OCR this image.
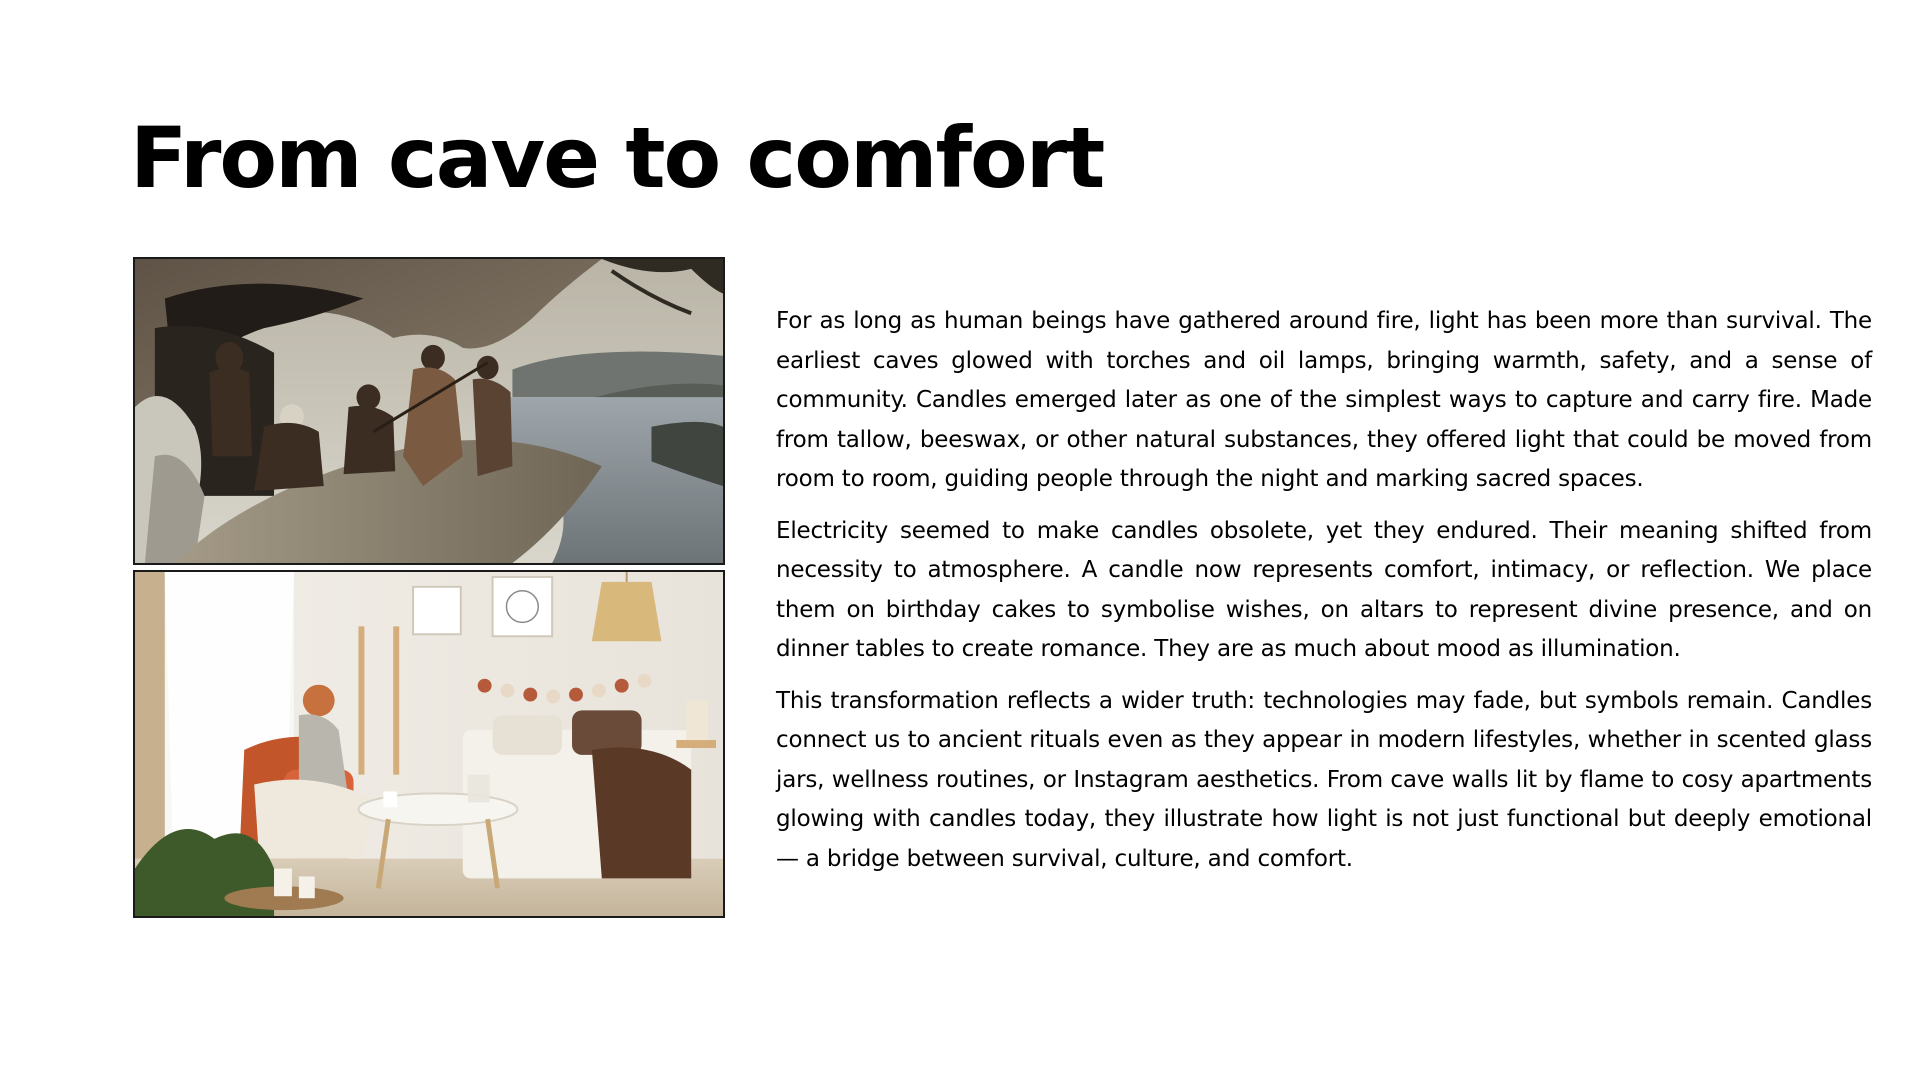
From cave to comfort

For as long as human beings have gathered around fire, light has been more than survival. The earliest caves glowed with torches and oil lamps, bringing warmth, safety, and a sense of community. Candles emerged later as one of the simplest ways to capture and carry fire. Made from tallow, beeswax, or other natural substances, they offered light that could be moved from room to room, guiding people through the night and marking sacred spaces.

Electricity seemed to make candles obsolete, yet they endured. Their meaning shifted from necessity to atmosphere. A candle now represents comfort, intimacy, or reflection. We place them on birthday cakes to symbolise wishes, on altars to represent divine presence, and on dinner tables to create romance. They are as much about mood as illumination.

This transformation reflects a wider truth: technologies may fade, but symbols remain. Candles connect us to ancient rituals even as they appear in modern lifestyles, whether in scented glass jars, wellness routines, or Instagram aesthetics. From cave walls lit by flame to cosy apartments glowing with candles today, they illustrate how light is not just functional but deeply emotional — a bridge between survival, culture, and comfort.
